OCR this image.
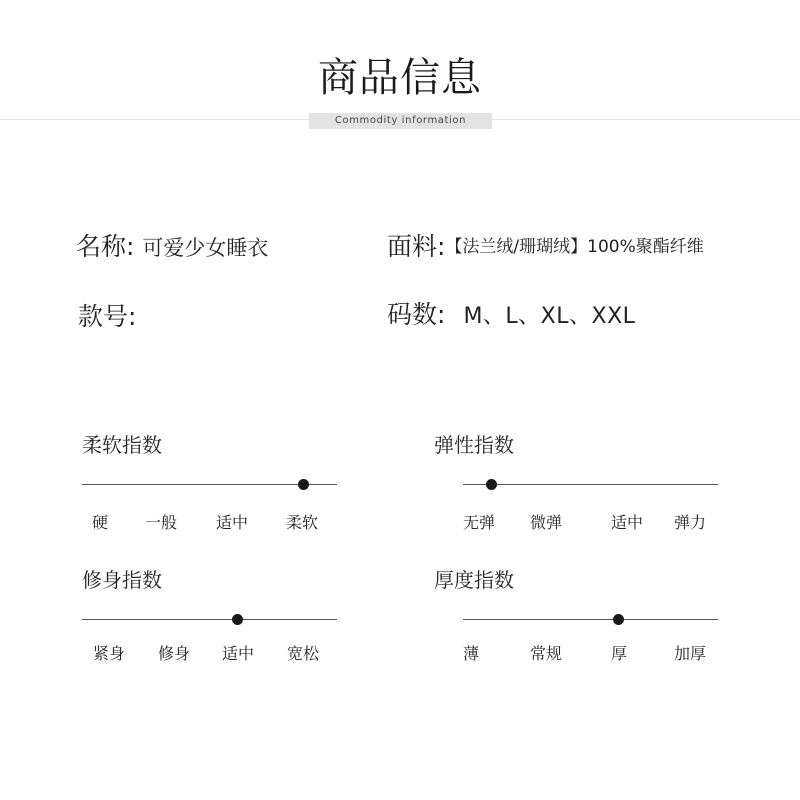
商品信息
Commodity information
名称: 可爱少女睡衣	面料:【法兰绒/珊瑚绒】100%聚酯纤维
款号:	码数: M、L、XL、XXL
柔软指数
硬 一般 适中 柔软
弹性指数
无弹 微弹	适中 弹力
修身指数
紧身 修身 适中 宽松
厚度指数
薄	常规	厚	加厚
